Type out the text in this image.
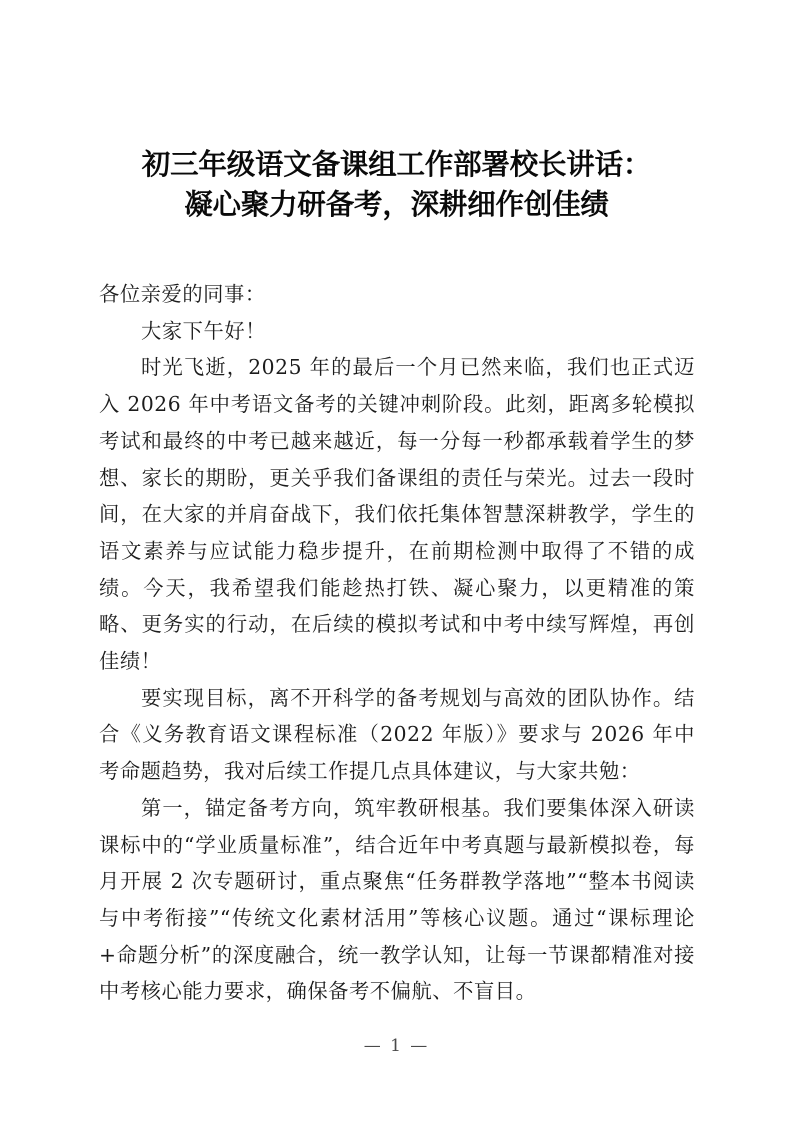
初三年级语文备课组工作部署校长讲话：
凝心聚力研备考，深耕细作创佳绩

各位亲爱的同事：

大家下午好！

时光飞逝，2025 年的最后一个月已然来临，我们也正式迈入 2026 年中考语文备考的关键冲刺阶段。此刻，距离多轮模拟考试和最终的中考已越来越近，每一分每一秒都承载着学生的梦想、家长的期盼，更关乎我们备课组的责任与荣光。过去一段时间，在大家的并肩奋战下，我们依托集体智慧深耕教学，学生的语文素养与应试能力稳步提升，在前期检测中取得了不错的成绩。今天，我希望我们能趁热打铁、凝心聚力，以更精准的策略、更务实的行动，在后续的模拟考试和中考中续写辉煌，再创佳绩！

要实现目标，离不开科学的备考规划与高效的团队协作。结合《义务教育语文课程标准（2022 年版）》要求与 2026 年中考命题趋势，我对后续工作提几点具体建议，与大家共勉：

第一，锚定备考方向，筑牢教研根基。我们要集体深入研读课标中的“学业质量标准”，结合近年中考真题与最新模拟卷，每月开展 2 次专题研讨，重点聚焦“任务群教学落地”“整本书阅读与中考衔接”“传统文化素材活用”等核心议题。通过“课标理论+命题分析”的深度融合，统一教学认知，让每一节课都精准对接中考核心能力要求，确保备考不偏航、不盲目。

— 1 —
